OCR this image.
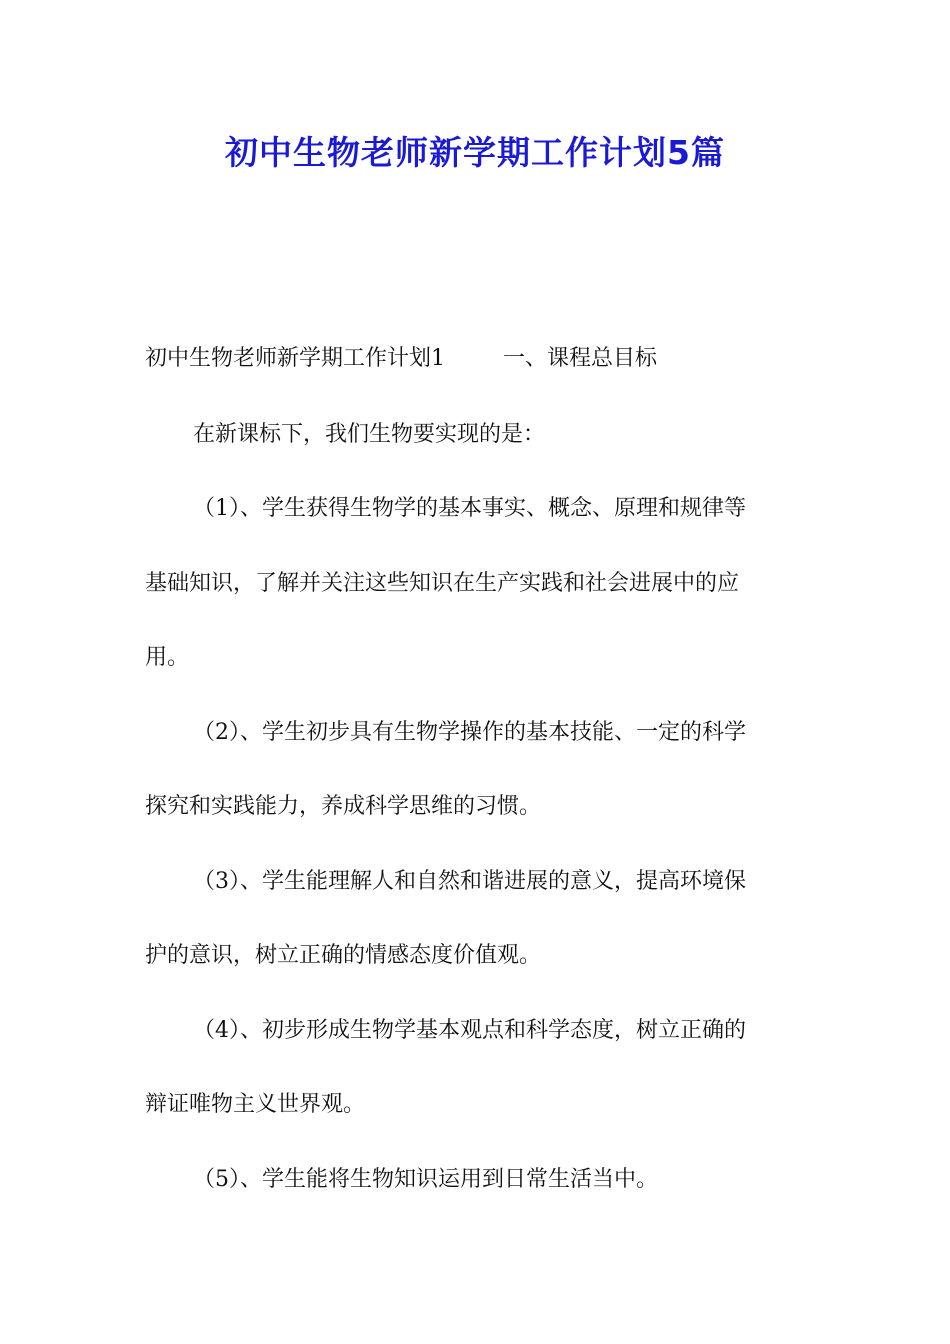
初中生物老师新学期工作计划5篇
初中生物老师新学期工作计划1	一、课程总目标
在新课标下，我们生物要实现的是：
（1）、学生获得生物学的基本事实、概念、原理和规律等
基础知识，了解并关注这些知识在生产实践和社会进展中的应
用。
（2）、学生初步具有生物学操作的基本技能、一定的科学
探究和实践能力，养成科学思维的习惯。
（3）、学生能理解人和自然和谐进展的意义，提高环境保
护的意识，树立正确的情感态度价值观。
（4）、初步形成生物学基本观点和科学态度，树立正确的
辩证唯物主义世界观。
（5）、学生能将生物知识运用到日常生活当中。
